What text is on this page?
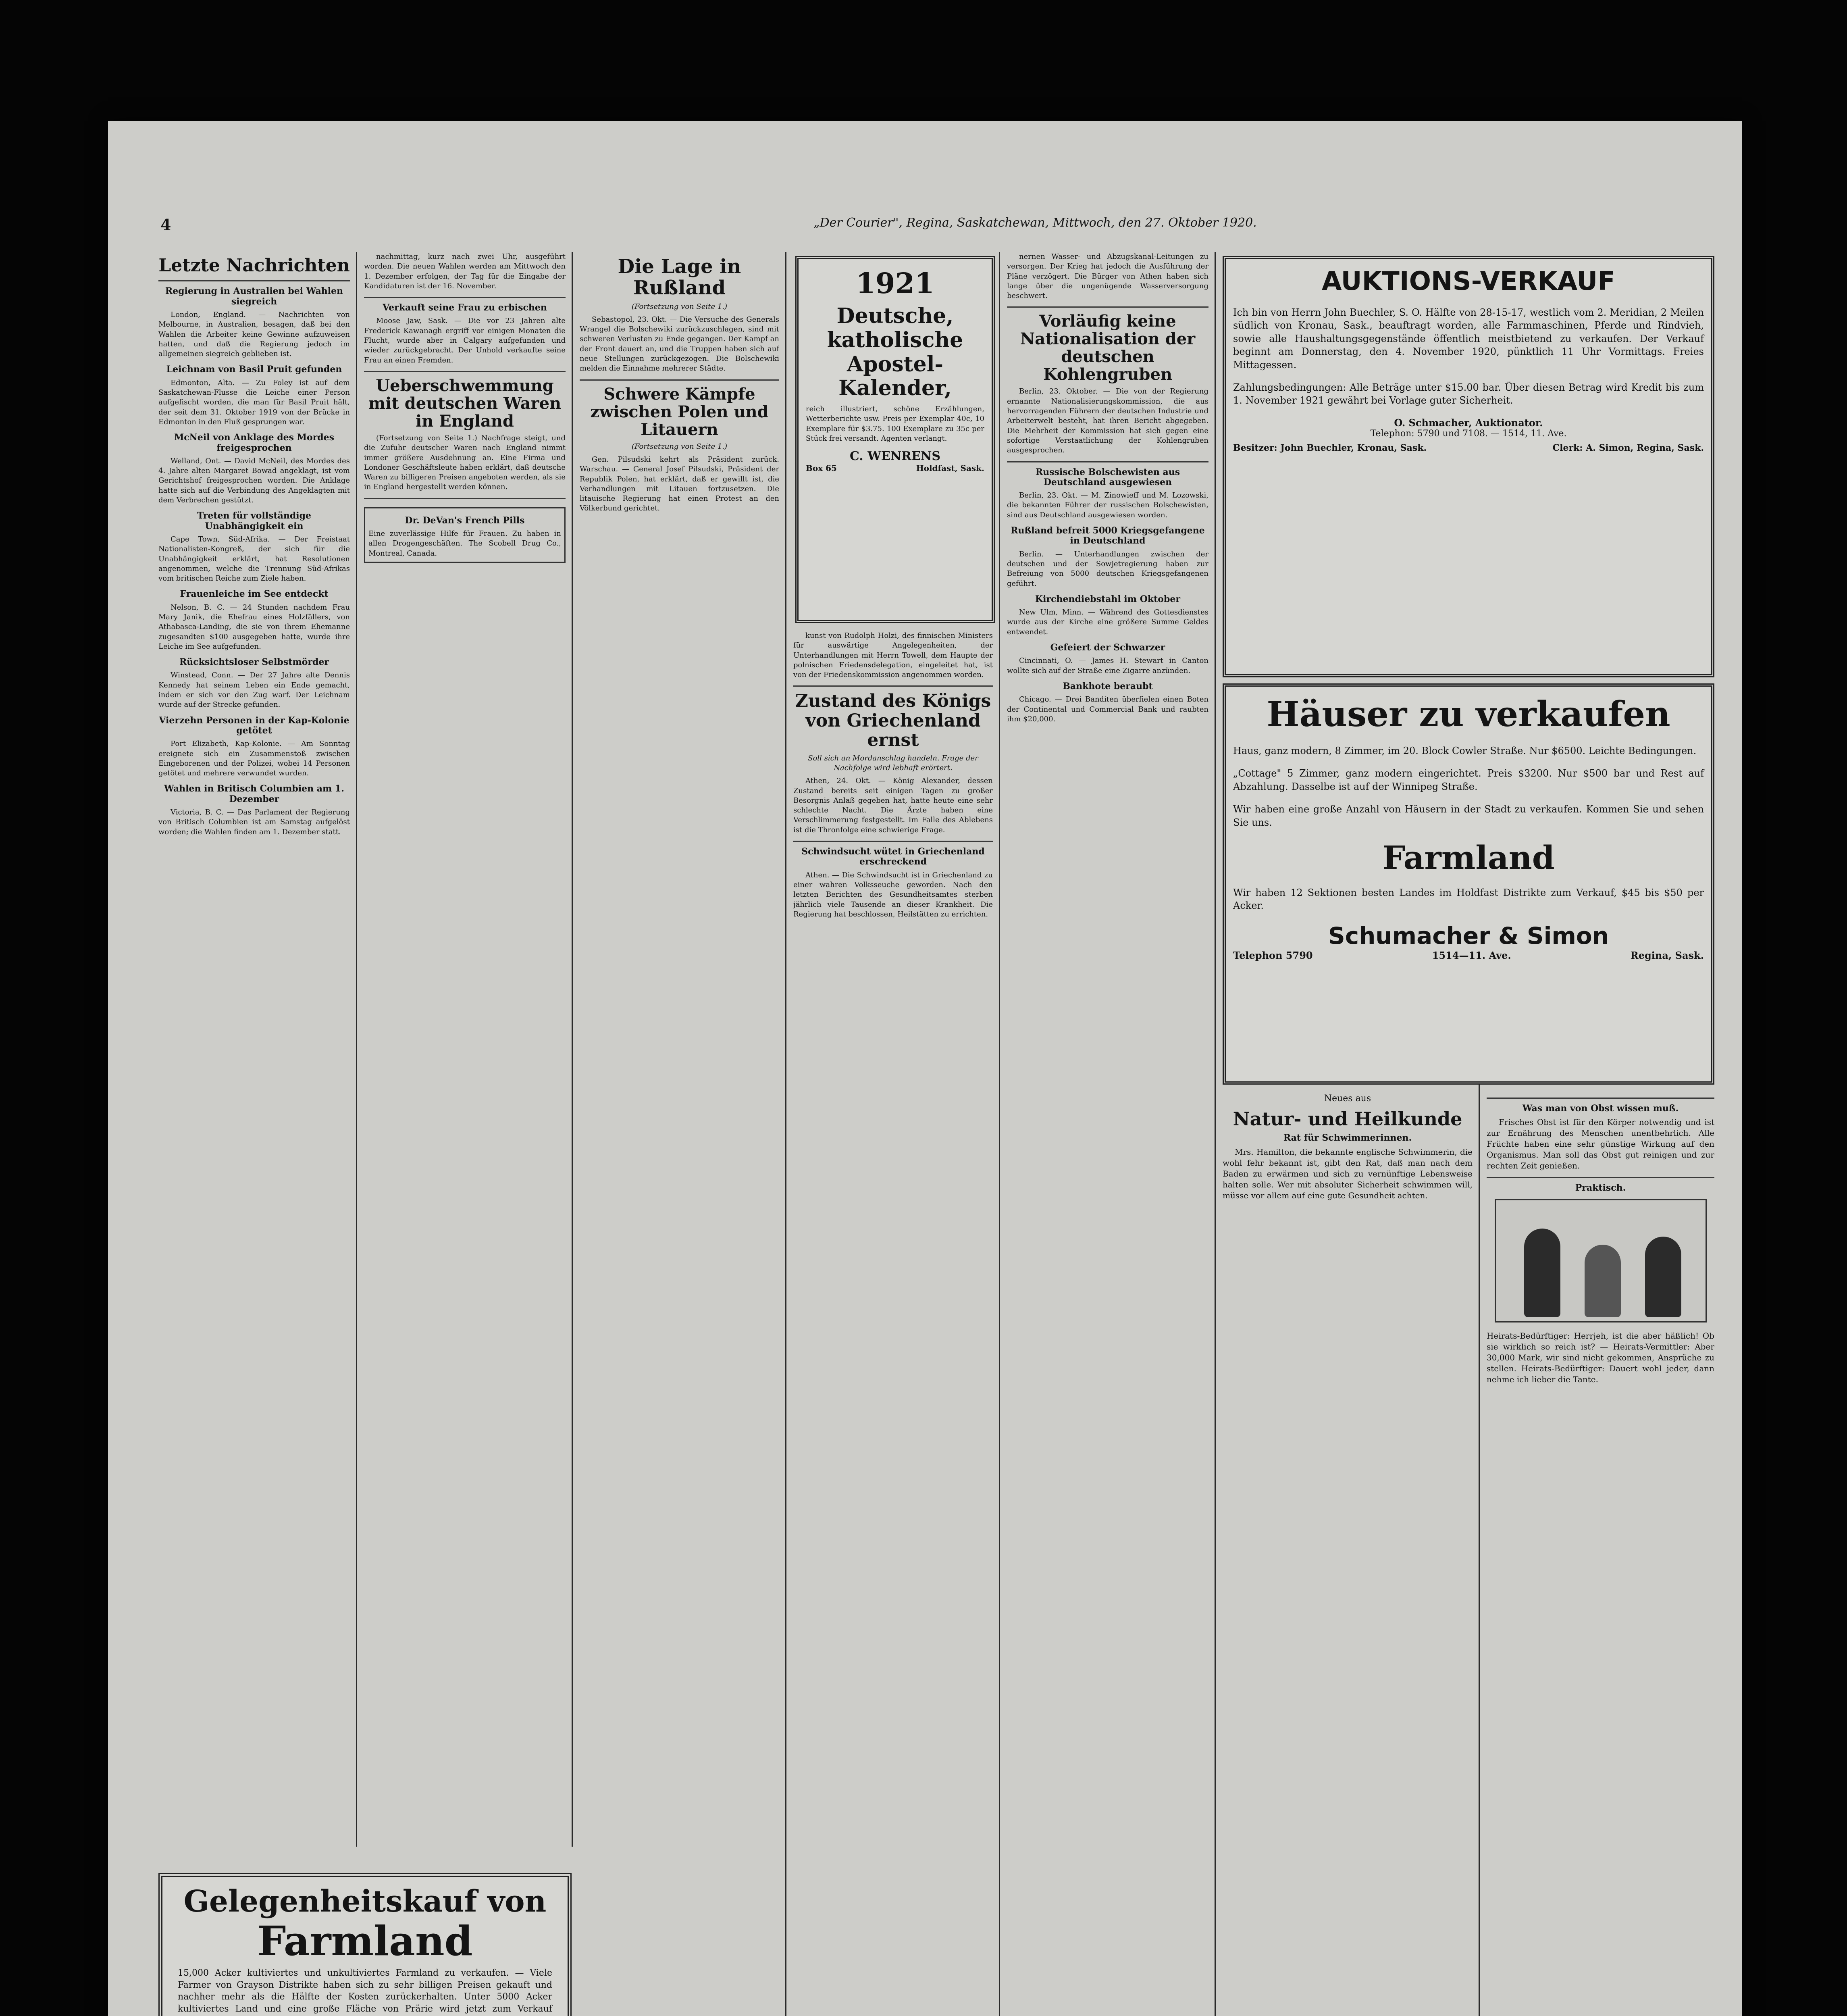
4	„Der Courier", Regina, Saskatchewan, Mittwoch, den 27. Oktober 1920.
Letzte Nachrichten
Regierung in Australien bei Wahlen siegreich

London, England. — Nachrichten von Melbourne, in Australien, besagen, daß bei den Wahlen die Arbeiter keine Gewinne aufzuweisen hatten, und daß die Regierung jedoch im allgemeinen siegreich geblieben ist.

Leichnam von Basil Pruit gefunden

Edmonton, Alta. — Zu Foley ist auf dem Saskatchewan-Flusse die Leiche einer Person aufgefischt worden, die man für Basil Pruit hält, der seit dem 31. Oktober 1919 von der Brücke in Edmonton in den Fluß gesprungen war.

McNeil von Anklage des Mordes freigesprochen

Welland, Ont. — David McNeil, des Mordes des 4. Jahre alten Margaret Bowad angeklagt, ist vom Gerichtshof freigesprochen worden. Die Anklage hatte sich auf die Verbindung des Angeklagten mit dem Verbrechen gestützt.

Treten für vollständige Unabhängigkeit ein

Cape Town, Süd-Afrika. — Der Freistaat Nationalisten-Kongreß, der sich für die Unabhängigkeit erklärt, hat Resolutionen angenommen, welche die Trennung Süd-Afrikas vom britischen Reiche zum Ziele haben.

Frauenleiche im See entdeckt

Nelson, B. C. — 24 Stunden nachdem Frau Mary Janik, die Ehefrau eines Holzfällers, von Athabasca-Landing, die sie von ihrem Ehemanne zugesandten $100 ausgegeben hatte, wurde ihre Leiche im See aufgefunden.

Rücksichtsloser Selbstmörder

Winstead, Conn. — Der 27 Jahre alte Dennis Kennedy hat seinem Leben ein Ende gemacht, indem er sich vor den Zug warf. Der Leichnam wurde auf der Strecke gefunden.

Vierzehn Personen in der Kap-Kolonie getötet

Port Elizabeth, Kap-Kolonie. — Am Sonntag ereignete sich ein Zusammenstoß zwischen Eingeborenen und der Polizei, wobei 14 Personen getötet und mehrere verwundet wurden.

Wahlen in Britisch Columbien am 1. Dezember

Victoria, B. C. — Das Parlament der Regierung von Britisch Columbien ist am Samstag aufgelöst worden; die Wahlen finden am 1. Dezember statt.

nachmittag, kurz nach zwei Uhr, ausgeführt worden. Die neuen Wahlen werden am Mittwoch den 1. Dezember erfolgen, der Tag für die Eingabe der Kandidaturen ist der 16. November.

Verkauft seine Frau zu erbischen

Moose Jaw, Sask. — Die vor 23 Jahren alte Frederick Kawanagh ergriff vor einigen Monaten die Flucht, wurde aber in Calgary aufgefunden und wieder zurückgebracht. Der Unhold verkaufte seine Frau an einen Fremden.

Ueberschwemmung mit deutschen Waren in England

(Fortsetzung von Seite 1.) Nachfrage steigt, und die Zufuhr deutscher Waren nach England nimmt immer größere Ausdehnung an. Eine Firma und Londoner Geschäftsleute haben erklärt, daß deutsche Waren zu billigeren Preisen angeboten werden, als sie in England hergestellt werden können.

Dr. DeVan's French Pills
Eine zuverlässige Hilfe für Frauen. Zu haben in allen Drogengeschäften. The Scobell Drug Co., Montreal, Canada.
Die Lage in Rußland
(Fortsetzung von Seite 1.)

Sebastopol, 23. Okt. — Die Versuche des Generals Wrangel die Bolschewiki zurückzuschlagen, sind mit schweren Verlusten zu Ende gegangen. Der Kampf an der Front dauert an, und die Truppen haben sich auf neue Stellungen zurückgezogen. Die Bolschewiki melden die Einnahme mehrerer Städte.

Schwere Kämpfe zwischen Polen und Litauern
(Fortsetzung von Seite 1.)

Gen. Pilsudski kehrt als Präsident zurück. Warschau. — General Josef Pilsudski, Präsident der Republik Polen, hat erklärt, daß er gewillt ist, die Verhandlungen mit Litauen fortzusetzen. Die litauische Regierung hat einen Protest an den Völkerbund gerichtet.

1921
Deutsche, katholische Apostel-Kalender,
reich illustriert, schöne Erzählungen, Wetterberichte usw. Preis per Exemplar 40c, 10 Exemplare für $3.75. 100 Exemplare zu 35c per Stück frei versandt. Agenten verlangt.
C. WENRENS
Box 65	Holdfast, Sask.

kunst von Rudolph Holzi, des finnischen Ministers für auswärtige Angelegenheiten, der Unterhandlungen mit Herrn Towell, dem Haupte der polnischen Friedensdelegation, eingeleitet hat, ist von der Friedenskommission angenommen worden.

Zustand des Königs von Griechenland ernst
Soll sich an Mordanschlag handeln. Frage der Nachfolge wird lebhaft erörtert.

Athen, 24. Okt. — König Alexander, dessen Zustand bereits seit einigen Tagen zu großer Besorgnis Anlaß gegeben hat, hatte heute eine sehr schlechte Nacht. Die Ärzte haben eine Verschlimmerung festgestellt. Im Falle des Ablebens ist die Thronfolge eine schwierige Frage.

Schwindsucht wütet in Griechenland erschreckend

Athen. — Die Schwindsucht ist in Griechenland zu einer wahren Volksseuche geworden. Nach den letzten Berichten des Gesundheitsamtes sterben jährlich viele Tausende an dieser Krankheit. Die Regierung hat beschlossen, Heilstätten zu errichten.

nernen Wasser- und Abzugskanal-Leitungen zu versorgen. Der Krieg hat jedoch die Ausführung der Pläne verzögert. Die Bürger von Athen haben sich lange über die ungenügende Wasserversorgung beschwert.

Vorläufig keine Nationalisation der deutschen Kohlengruben

Berlin, 23. Oktober. — Die von der Regierung ernannte Nationalisierungskommission, die aus hervorragenden Führern der deutschen Industrie und Arbeiterwelt besteht, hat ihren Bericht abgegeben. Die Mehrheit der Kommission hat sich gegen eine sofortige Verstaatlichung der Kohlengruben ausgesprochen.

Russische Bolschewisten aus Deutschland ausgewiesen

Berlin, 23. Okt. — M. Zinowieff und M. Lozowski, die bekannten Führer der russischen Bolschewisten, sind aus Deutschland ausgewiesen worden.

Rußland befreit 5000 Kriegsgefangene in Deutschland

Berlin. — Unterhandlungen zwischen der deutschen und der Sowjetregierung haben zur Befreiung von 5000 deutschen Kriegsgefangenen geführt.

Kirchendiebstahl im Oktober

New Ulm, Minn. — Während des Gottesdienstes wurde aus der Kirche eine größere Summe Geldes entwendet.

Gefeiert der Schwarzer

Cincinnati, O. — James H. Stewart in Canton wollte sich auf der Straße eine Zigarre anzünden.

Bankhote beraubt

Chicago. — Drei Banditen überfielen einen Boten der Continental und Commercial Bank und raubten ihm $20,000.

AUKTIONS-VERKAUF

Ich bin von Herrn John Buechler, S. O. Hälfte von 28-15-17, westlich vom 2. Meridian, 2 Meilen südlich von Kronau, Sask., beauftragt worden, alle Farmmaschinen, Pferde und Rindvieh, sowie alle Haushaltungsgegenstände öffentlich meistbietend zu verkaufen. Der Verkauf beginnt am Donnerstag, den 4. November 1920, pünktlich 11 Uhr Vormittags. Freies Mittagessen.

Zahlungsbedingungen: Alle Beträge unter $15.00 bar. Über diesen Betrag wird Kredit bis zum 1. November 1921 gewährt bei Vorlage guter Sicherheit.

O. Schmacher, Auktionator.
Telephon: 5790 und 7108. — 1514, 11. Ave.
Besitzer: John Buechler, Kronau, Sask.	Clerk: A. Simon, Regina, Sask.
Häuser zu verkaufen

Haus, ganz modern, 8 Zimmer, im 20. Block Cowler Straße. Nur $6500. Leichte Bedingungen.

„Cottage" 5 Zimmer, ganz modern eingerichtet. Preis $3200. Nur $500 bar und Rest auf Abzahlung. Dasselbe ist auf der Winnipeg Straße.

Wir haben eine große Anzahl von Häusern in der Stadt zu verkaufen. Kommen Sie und sehen Sie uns.

Farmland

Wir haben 12 Sektionen besten Landes im Holdfast Distrikte zum Verkauf, $45 bis $50 per Acker.

Schumacher & Simon
Telephon 5790	1514—11. Ave.	Regina, Sask.
Neues aus
Natur- und Heilkunde
Rat für Schwimmerinnen.

Mrs. Hamilton, die bekannte englische Schwimmerin, die wohl fehr bekannt ist, gibt den Rat, daß man nach dem Baden zu erwärmen und sich zu vernünftige Lebensweise halten solle. Wer mit absoluter Sicherheit schwimmen will, müsse vor allem auf eine gute Gesundheit achten.

Was man von Obst wissen muß.

Frisches Obst ist für den Körper notwendig und ist zur Ernährung des Menschen unentbehrlich. Alle Früchte haben eine sehr günstige Wirkung auf den Organismus. Man soll das Obst gut reinigen und zur rechten Zeit genießen.

Praktisch.

Heirats-Bedürftiger: Herrjeh, ist die aber häßlich! Ob sie wirklich so reich ist? — Heirats-Vermittler: Aber 30,000 Mark, wir sind nicht gekommen, Ansprüche zu stellen. Heirats-Bedürftiger: Dauert wohl jeder, dann nehme ich lieber die Tante.

Gelegenheitskauf von
Farmland

15,000 Acker kultiviertes und unkultiviertes Farmland zu verkaufen. — Viele Farmer von Grayson Distrikte haben sich zu sehr billigen Preisen gekauft und nachher mehr als die Hälfte der Kosten zurückerhalten. Unter 5000 Acker kultiviertes Land und eine große Fläche von Prärie wird jetzt zum Verkauf
